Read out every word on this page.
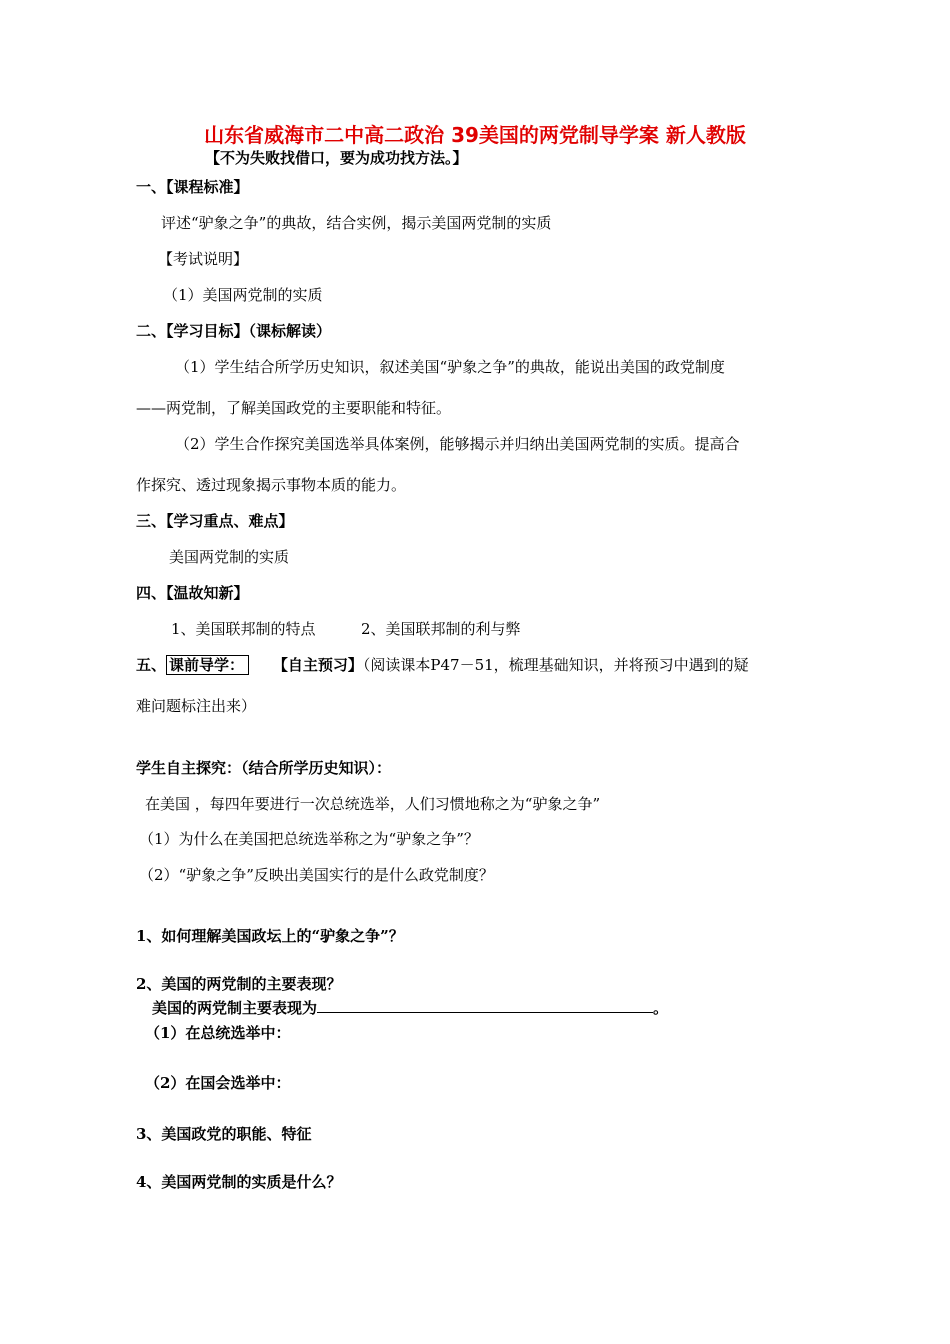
山东省威海市二中高二政治 39美国的两党制导学案 新人教版
【不为失败找借口，要为成功找方法。】
一、【课程标准】
评述“驴象之争”的典故，结合实例，揭示美国两党制的实质
【考试说明】
（1）美国两党制的实质
二、【学习目标】（课标解读）
（1）学生结合所学历史知识，叙述美国“驴象之争”的典故，能说出美国的政党制度
——两党制，了解美国政党的主要职能和特征。
（2）学生合作探究美国选举具体案例，能够揭示并归纳出美国两党制的实质。提高合
作探究、透过现象揭示事物本质的能力。
三、【学习重点、难点】
美国两党制的实质
四、【温故知新】
1、美国联邦制的特点	2、美国联邦制的利与弊
五、 课前导学： 【自主预习】（阅读课本P47－51，梳理基础知识，并将预习中遇到的疑
难问题标注出来）
学生自主探究：（结合所学历史知识）：
在美国 ，每四年要进行一次总统选举，人们习惯地称之为“驴象之争”
（1）为什么在美国把总统选举称之为“驴象之争”？
（2）“驴象之争”反映出美国实行的是什么政党制度？
1、如何理解美国政坛上的“驴象之争”？
2、美国的两党制的主要表现？
美国的两党制主要表现为	。
（1）在总统选举中：
（2）在国会选举中：
3、美国政党的职能、特征
4、美国两党制的实质是什么？
